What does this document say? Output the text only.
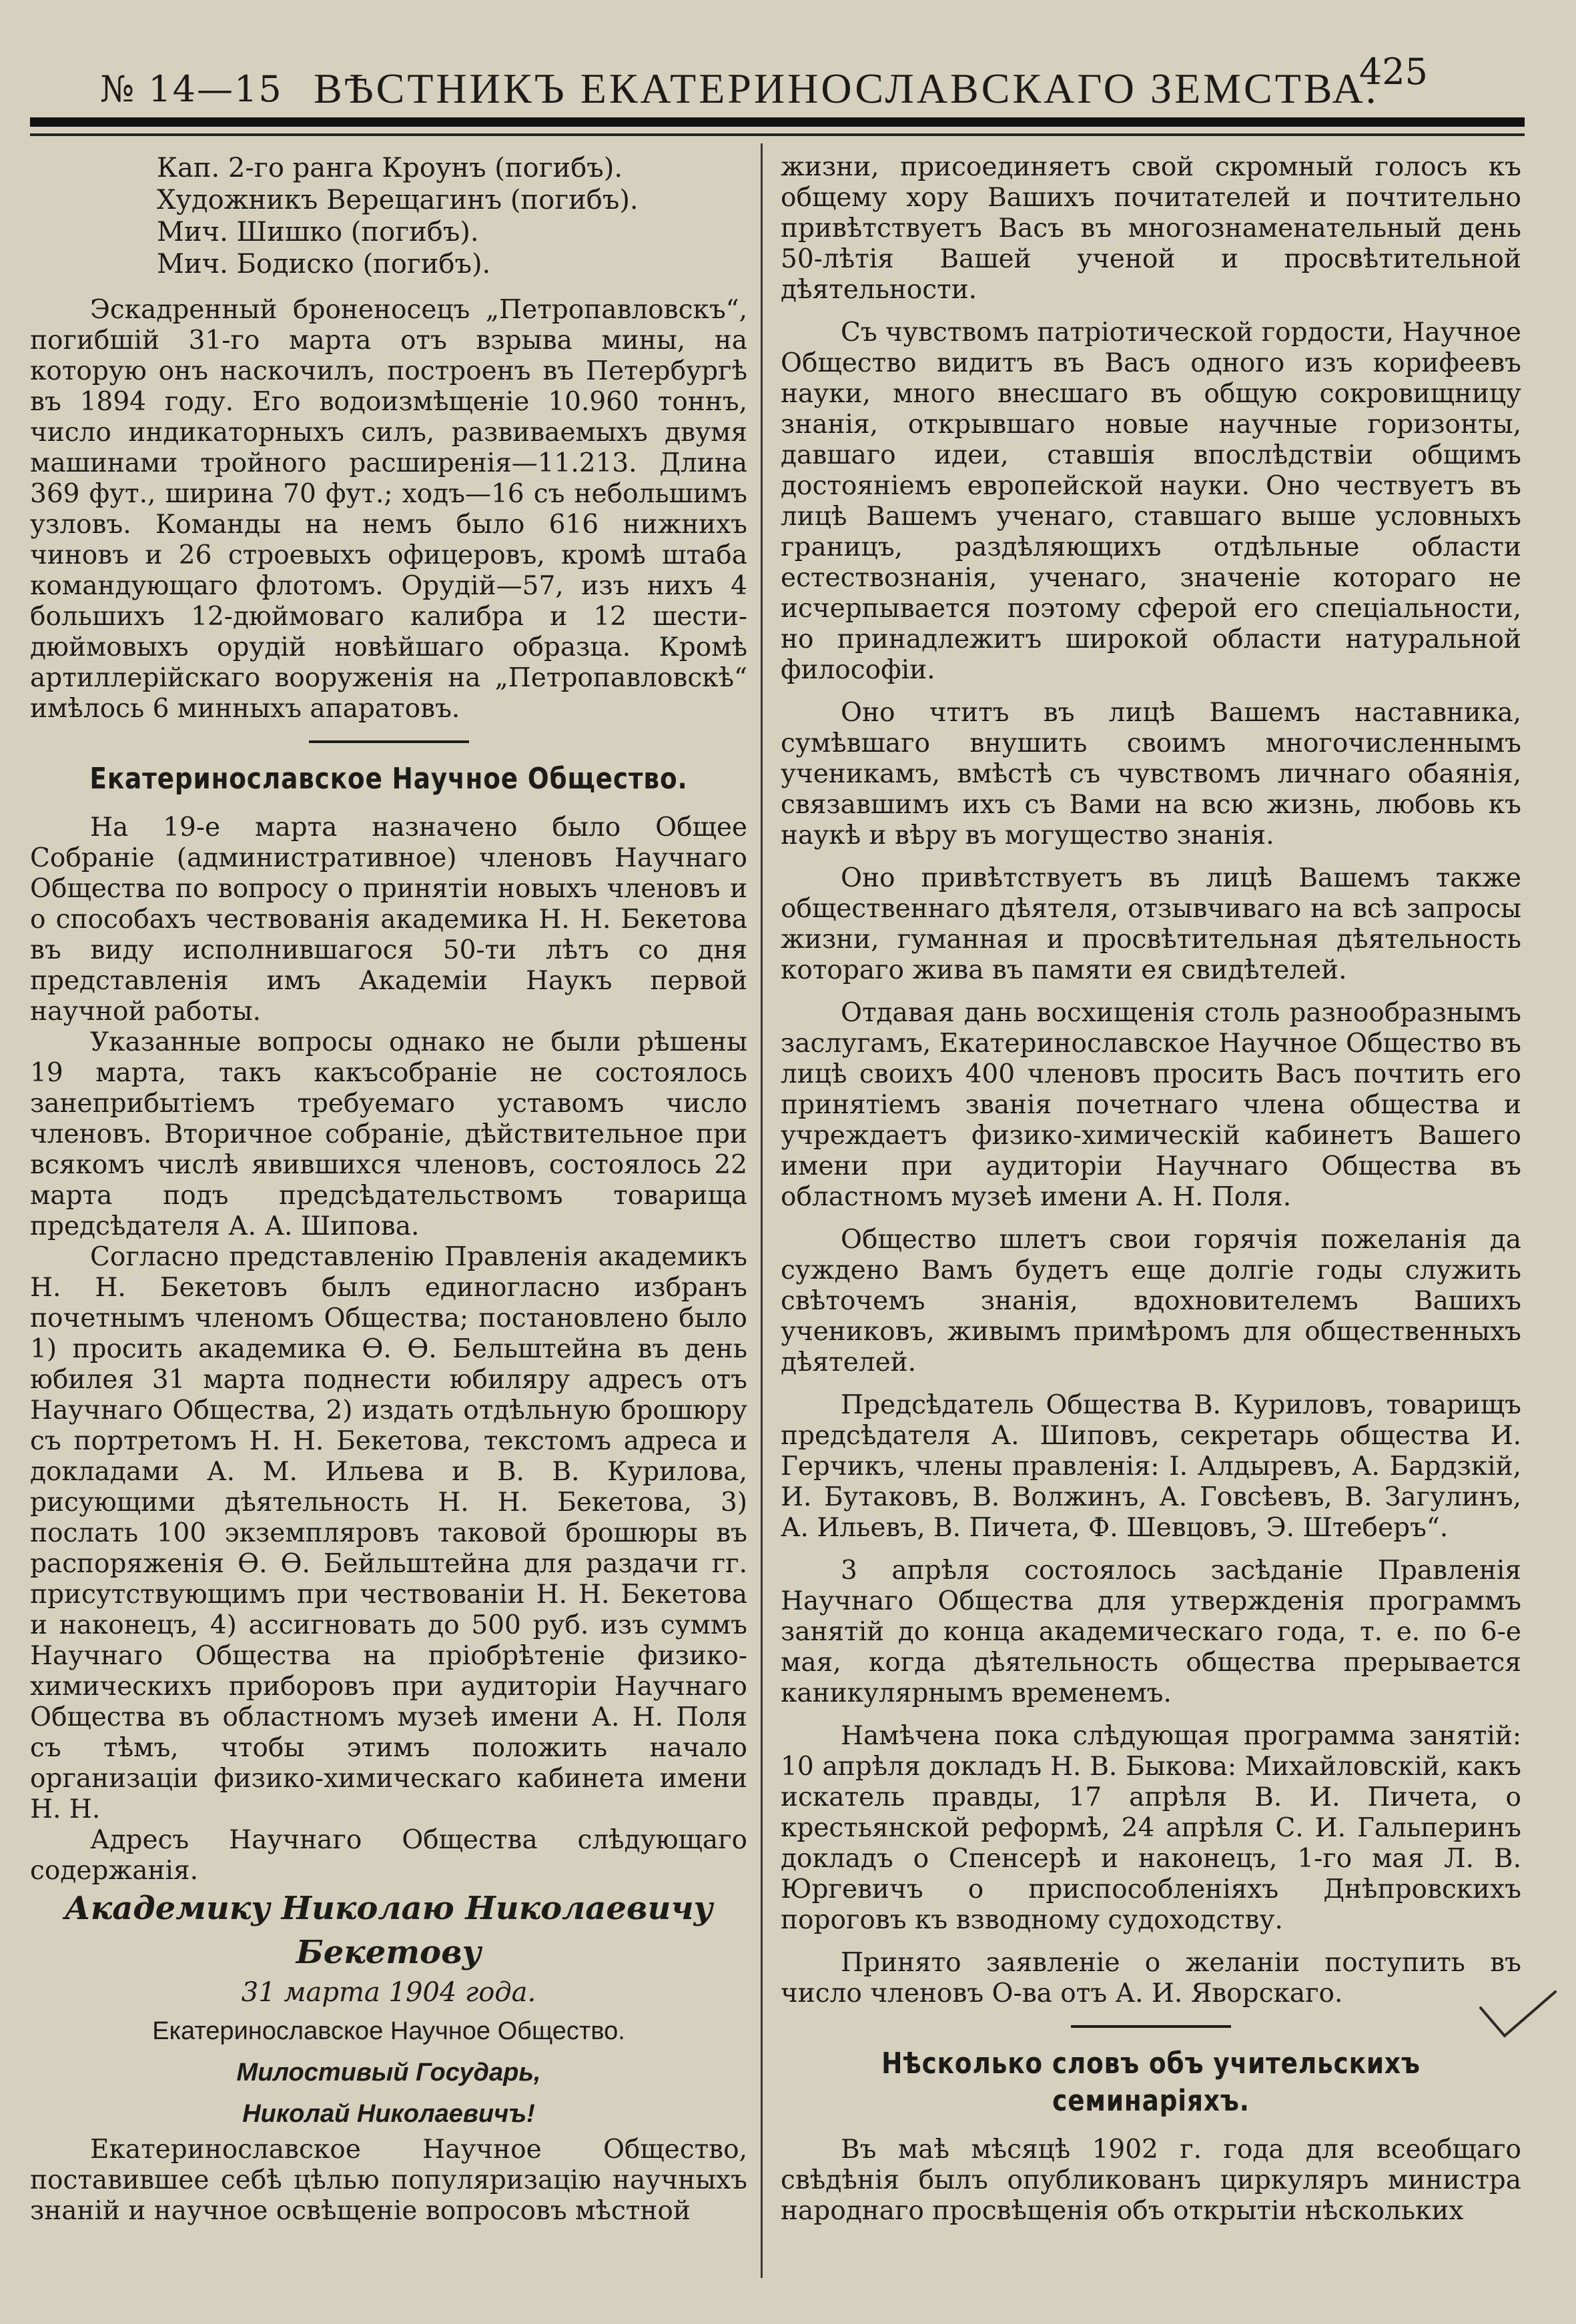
№ 14—15 ВѢСТНИКЪ ЕКАТЕРИНОСЛАВСКАГО ЗЕМСТВА.
425

Кап. 2-го ранга Кроунъ (погибъ).

Художникъ Верещагинъ (погибъ).

Мич. Шишко (погибъ).

Мич. Бодиско (погибъ).

Эскадренный броненосецъ „Петропавловскъ“, погибшій 31-го марта отъ взрыва мины, на которую онъ наскочилъ, построенъ въ Петербургѣ въ 1894 году. Его водоизмѣщеніе 10.960 тоннъ, число индикаторныхъ силъ, развиваемыхъ двумя машинами тройного расширенія—11.213. Длина 369 фут., ширина 70 фут.; ходъ—16 съ небольшимъ узловъ. Команды на немъ было 616 нижнихъ чиновъ и 26 строевыхъ офицеровъ, кромѣ штаба командующаго флотомъ. Орудій—57, изъ нихъ 4 большихъ 12-дюймоваго калибра и 12 шести-дюймовыхъ орудій новѣйшаго образца. Кромѣ артиллерійскаго вооруженія на „Петропавловскѣ“ имѣлось 6 минныхъ апаратовъ.

Екатеринославское Научное Общество.

На 19-е марта назначено было Общее Собраніе (административное) членовъ Научнаго Общества по вопросу о принятіи новыхъ членовъ и о способахъ чествованія академика Н. Н. Бекетова въ виду исполнившагося 50-ти лѣтъ со дня представленія имъ Академіи Наукъ первой научной работы.

Указанные вопросы однако не были рѣшены 19 марта, такъ какъсобраніе не состоялось занеприбытіемъ требуемаго уставомъ число членовъ. Вторичное собраніе, дѣйствительное при всякомъ числѣ явившихся членовъ, состоялось 22 марта подъ предсѣдательствомъ товарища предсѣдателя А. А. Шипова.

Согласно представленію Правленія академикъ Н. Н. Бекетовъ былъ единогласно избранъ почетнымъ членомъ Общества; постановлено было 1) просить академика Ѳ. Ѳ. Бельштейна въ день юбилея 31 марта поднести юбиляру адресъ отъ Научнаго Общества, 2) издать отдѣльную брошюру съ портретомъ Н. Н. Бекетова, текстомъ адреса и докладами А. М. Ильева и В. В. Курилова, рисующими дѣятельность Н. Н. Бекетова, 3) послать 100 экземпляровъ таковой брошюры въ распоряженія Ѳ. Ѳ. Бейльштейна для раздачи гг. присутствующимъ при чествованіи Н. Н. Бекетова и наконецъ, 4) ассигновать до 500 руб. изъ суммъ Научнаго Общества на пріобрѣтеніе физико-химическихъ приборовъ при аудиторіи Научнаго Общества въ областномъ музеѣ имени А. Н. Поля съ тѣмъ, чтобы этимъ положить начало организаціи физико-химическаго кабинета имени Н. Н.

Адресъ Научнаго Общества слѣдующаго содержанія.

Академику Николаю Николаевичу Бекетову

31 марта 1904 года.

Екатеринославское Научное Общество.

Милостивый Государь,

Николай Николаевичъ!

Екатеринославское Научное Общество, поставившее себѣ цѣлью популяризацію научныхъ знаній и научное освѣщеніе вопросовъ мѣстной

жизни, присоединяетъ свой скромный голосъ къ общему хору Вашихъ почитателей и почтительно привѣтствуетъ Васъ въ многознаменательный день 50-лѣтія Вашей ученой и просвѣтительной дѣятельности.

Съ чувствомъ патріотической гордости, Научное Общество видитъ въ Васъ одного изъ корифеевъ науки, много внесшаго въ общую сокровищницу знанія, открывшаго новые научные горизонты, давшаго идеи, ставшія впослѣдствіи общимъ достояніемъ европейской науки. Оно чествуетъ въ лицѣ Вашемъ ученаго, ставшаго выше условныхъ границъ, раздѣляющихъ отдѣльные области естествознанія, ученаго, значеніе котораго не исчерпывается поэтому сферой его спеціальности, но принадлежитъ широкой области натуральной философіи.

Оно чтитъ въ лицѣ Вашемъ наставника, сумѣвшаго внушить своимъ многочисленнымъ ученикамъ, вмѣстѣ съ чувствомъ личнаго обаянія, связавшимъ ихъ съ Вами на всю жизнь, любовь къ наукѣ и вѣру въ могущество знанія.

Оно привѣтствуетъ въ лицѣ Вашемъ также общественнаго дѣятеля, отзывчиваго на всѣ запросы жизни, гуманная и просвѣтительная дѣятельность котораго жива въ памяти ея свидѣтелей.

Отдавая дань восхищенія столь разнообразнымъ заслугамъ, Екатеринославское Научное Общество въ лицѣ своихъ 400 членовъ просить Васъ почтить его принятіемъ званія почетнаго члена общества и учреждаетъ физико-химическій кабинетъ Вашего имени при аудиторіи Научнаго Общества въ областномъ музеѣ имени А. Н. Поля.

Общество шлетъ свои горячія пожеланія да суждено Вамъ будетъ еще долгіе годы служить свѣточемъ знанія, вдохновителемъ Вашихъ учениковъ, живымъ примѣромъ для общественныхъ дѣятелей.

Предсѣдатель Общества В. Куриловъ, товарищъ предсѣдателя А. Шиповъ, секретарь общества И. Герчикъ, члены правленія: І. Алдыревъ, А. Бардзкій, И. Бутаковъ, В. Волжинъ, А. Говсѣевъ, В. Загулинъ, А. Ильевъ, В. Пичета, Ф. Шевцовъ, Э. Штеберъ“.

3 апрѣля состоялось засѣданіе Правленія Научнаго Общества для утвержденія программъ занятій до конца академическаго года, т. е. по 6-е мая, когда дѣятельность общества прерывается каникулярнымъ временемъ.

Намѣчена пока слѣдующая программа занятій: 10 апрѣля докладъ Н. В. Быкова: Михайловскій, какъ искатель правды, 17 апрѣля В. И. Пичета, о крестьянской реформѣ, 24 апрѣля С. И. Гальперинъ докладъ о Спенсерѣ и наконецъ, 1-го мая Л. В. Юргевичъ о приспособленіяхъ Днѣпровскихъ пороговъ къ взводному судоходству.

Принято заявленіе о желаніи поступить въ число членовъ О-ва отъ А. И. Яворскаго.

Нѣсколько словъ объ учительскихъ семинаріяхъ.

Въ маѣ мѣсяцѣ 1902 г. года для всеобщаго свѣдѣнія былъ опубликованъ циркуляръ министра народнаго просвѣщенія объ открытіи нѣскольких
